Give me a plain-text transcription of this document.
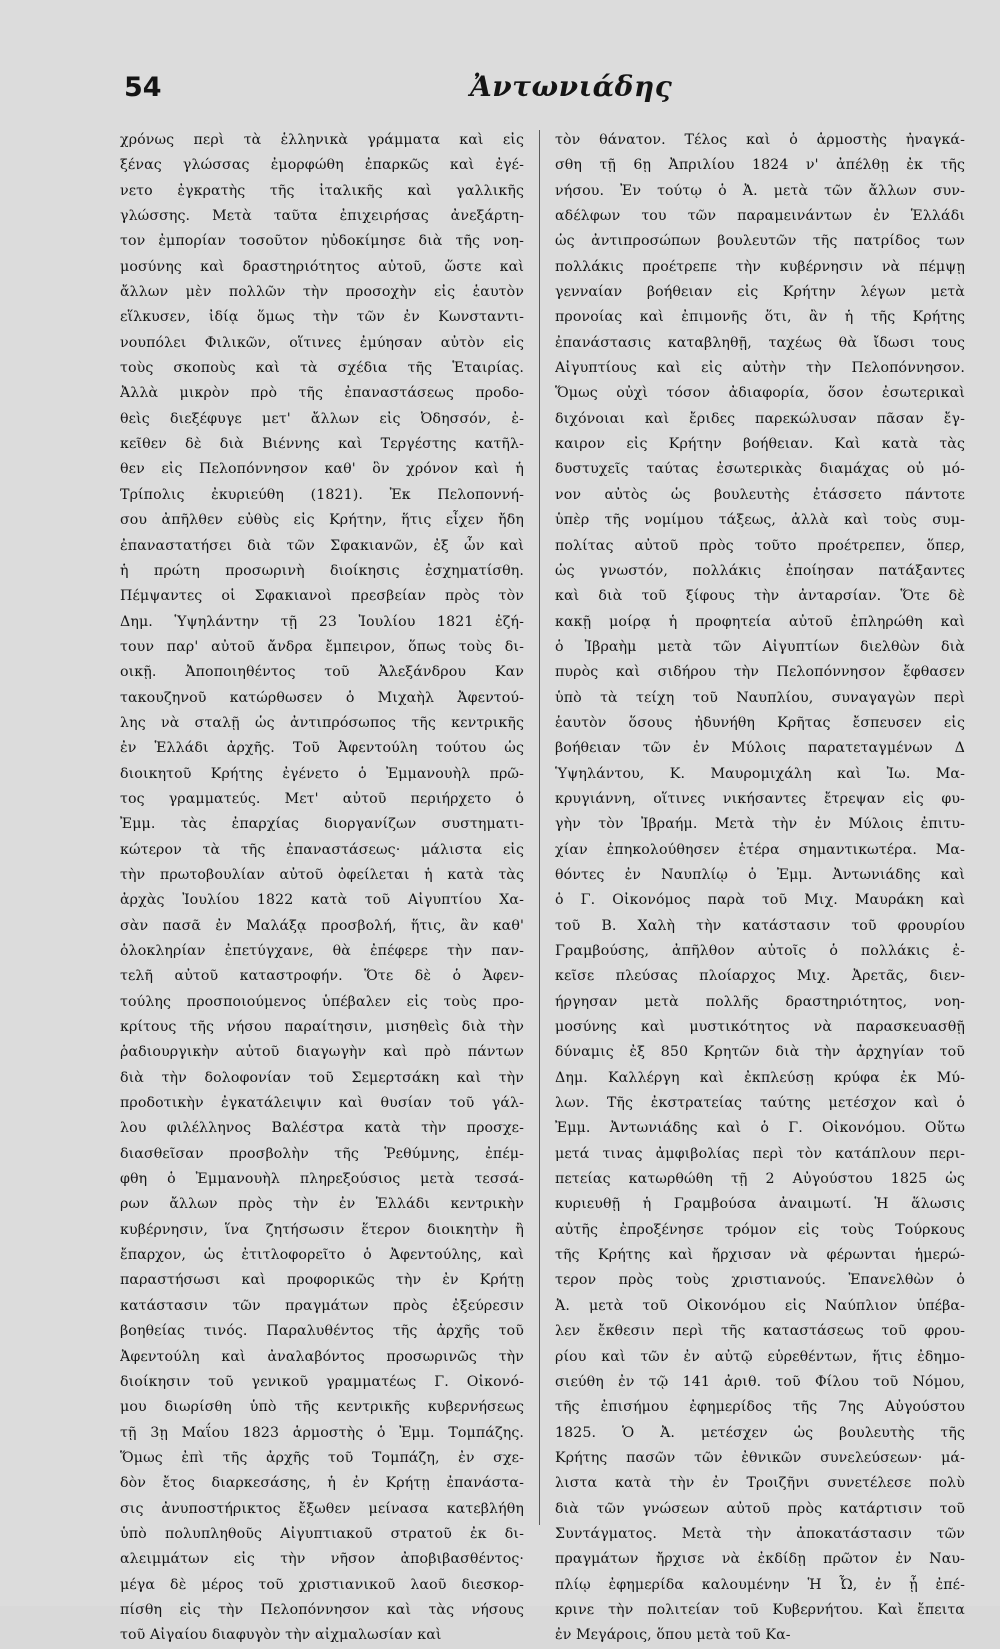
54	Ἀντωνιάδης
χρόνως περὶ τὰ ἑλληνικὰ γράμματα καὶ εἰς
ξένας γλώσσας ἐμορφώθη ἐπαρκῶς καὶ ἐγέ-
νετο ἐγκρατὴς τῆς ἰταλικῆς καὶ γαλλικῆς
γλώσσης. Μετὰ ταῦτα ἐπιχειρήσας ἀνεξάρτη-
τον ἐμπορίαν τοσοῦτον ηὐδοκίμησε διὰ τῆς νοη-
μοσύνης καὶ δραστηριότητος αὐτοῦ, ὥστε καὶ
ἄλλων μὲν πολλῶν τὴν προσοχὴν εἰς ἑαυτὸν
εἵλκυσεν, ἰδίᾳ ὅμως τὴν τῶν ἐν Κωνσταντι-
νουπόλει Φιλικῶν, οἵτινες ἐμύησαν αὐτὸν εἰς
τοὺς σκοποὺς καὶ τὰ σχέδια τῆς Ἑταιρίας.
Ἀλλὰ μικρὸν πρὸ τῆς ἐπαναστάσεως προδο-
θεὶς διεξέφυγε μετ' ἄλλων εἰς Ὀδησσόν, ἐ-
κεῖθεν δὲ διὰ Βιέννης καὶ Τεργέστης κατῆλ-
θεν εἰς Πελοπόννησον καθ' ὃν χρόνον καὶ ἡ
Τρίπολις ἐκυριεύθη (1821). Ἐκ Πελοποννή-
σου ἀπῆλθεν εὐθὺς εἰς Κρήτην, ἥτις εἶχεν ἤδη
ἐπαναστατήσει διὰ τῶν Σφακιανῶν, ἐξ ὧν καὶ
ἡ πρώτη προσωρινὴ διοίκησις ἐσχηματίσθη.
Πέμψαντες οἱ Σφακιανοὶ πρεσβείαν πρὸς τὸν
Δημ. Ὑψηλάντην τῇ 23 Ἰουλίου 1821 ἐζή-
τουν παρ' αὐτοῦ ἄνδρα ἔμπειρον, ὅπως τοὺς δι-
οικῇ. Ἀποποιηθέντος τοῦ Ἀλεξάνδρου Καν
τακουζηνοῦ κατώρθωσεν ὁ Μιχαὴλ Ἀφεντού-
λης νὰ σταλῇ ὡς ἀντιπρόσωπος τῆς κεντρικῆς
ἐν Ἑλλάδι ἀρχῆς. Τοῦ Ἀφεντούλη τούτου ὡς
διοικητοῦ Κρήτης ἐγένετο ὁ Ἐμμανουὴλ πρῶ-
τος γραμματεύς. Μετ' αὐτοῦ περιήρχετο ὁ
Ἐμμ. τὰς ἐπαρχίας διοργανίζων συστηματι-
κώτερον τὰ τῆς ἐπαναστάσεως· μάλιστα εἰς
τὴν πρωτοβουλίαν αὐτοῦ ὀφείλεται ἡ κατὰ τὰς
ἀρχὰς Ἰουλίου 1822 κατὰ τοῦ Αἰγυπτίου Χα-
σὰν πασᾶ ἐν Μαλάξᾳ προσβολή, ἥτις, ἂν καθ'
ὁλοκληρίαν ἐπετύγχανε, θὰ ἐπέφερε τὴν παν-
τελῆ αὐτοῦ καταστροφήν. Ὅτε δὲ ὁ Ἀφεν-
τούλης προσποιούμενος ὑπέβαλεν εἰς τοὺς προ-
κρίτους τῆς νήσου παραίτησιν, μισηθεὶς διὰ τὴν
ῥαδιουργικὴν αὐτοῦ διαγωγὴν καὶ πρὸ πάντων
διὰ τὴν δολοφονίαν τοῦ Σεμερτσάκη καὶ τὴν
προδοτικὴν ἐγκατάλειψιν καὶ θυσίαν τοῦ γάλ-
λου φιλέλληνος Βαλέστρα κατὰ τὴν προσχε-
διασθεῖσαν προσβολὴν τῆς Ῥεθύμνης, ἐπέμ-
φθη ὁ Ἐμμανουὴλ πληρεξούσιος μετὰ τεσσά-
ρων ἄλλων πρὸς τὴν ἐν Ἑλλάδι κεντρικὴν
κυβέρνησιν, ἵνα ζητήσωσιν ἕτερον διοικητὴν ἢ
ἔπαρχον, ὡς ἐτιτλοφορεῖτο ὁ Ἀφεντούλης, καὶ
παραστήσωσι καὶ προφορικῶς τὴν ἐν Κρήτῃ
κατάστασιν τῶν πραγμάτων πρὸς ἐξεύρεσιν
βοηθείας τινός. Παραλυθέντος τῆς ἀρχῆς τοῦ
Ἀφεντούλη καὶ ἀναλαβόντος προσωρινῶς τὴν
διοίκησιν τοῦ γενικοῦ γραμματέως Γ. Οἰκονό-
μου διωρίσθη ὑπὸ τῆς κεντρικῆς κυβερνήσεως
τῇ 3ῃ Μαΐου 1823 ἁρμοστὴς ὁ Ἐμμ. Τομπάζης.
Ὅμως ἐπὶ τῆς ἀρχῆς τοῦ Τομπάζη, ἐν σχε-
δὸν ἔτος διαρκεσάσης, ἡ ἐν Κρήτῃ ἐπανάστα-
σις ἀνυποστήρικτος ἔξωθεν μείνασα κατεβλήθη
ὑπὸ πολυπληθοῦς Αἰγυπτιακοῦ στρατοῦ ἐκ δι-
αλειμμάτων εἰς τὴν νῆσον ἀποβιβασθέντος·
μέγα δὲ μέρος τοῦ χριστιανικοῦ λαοῦ διεσκορ-
πίσθη εἰς τὴν Πελοπόννησον καὶ τὰς νήσους
τοῦ Αἰγαίου διαφυγὸν τὴν αἰχμαλωσίαν καὶ
τὸν θάνατον. Τέλος καὶ ὁ ἁρμοστὴς ἠναγκά-
σθη τῇ 6ῃ Ἀπριλίου 1824 ν' ἀπέλθῃ ἐκ τῆς
νήσου. Ἐν τούτῳ ὁ Ἀ. μετὰ τῶν ἄλλων συν-
αδέλφων του τῶν παραμεινάντων ἐν Ἑλλάδι
ὡς ἀντιπροσώπων βουλευτῶν τῆς πατρίδος των
πολλάκις προέτρεπε τὴν κυβέρνησιν νὰ πέμψῃ
γενναίαν βοήθειαν εἰς Κρήτην λέγων μετὰ
προνοίας καὶ ἐπιμονῆς ὅτι, ἂν ἡ τῆς Κρήτης
ἐπανάστασις καταβληθῇ, ταχέως θὰ ἴδωσι τους
Αἰγυπτίους καὶ εἰς αὐτὴν τὴν Πελοπόννησον.
Ὅμως οὐχὶ τόσον ἀδιαφορία, ὅσον ἐσωτερικαὶ
διχόνοιαι καὶ ἔριδες παρεκώλυσαν πᾶσαν ἔγ-
καιρον εἰς Κρήτην βοήθειαν. Καὶ κατὰ τὰς
δυστυχεῖς ταύτας ἐσωτερικὰς διαμάχας οὐ μό-
νον αὐτὸς ὡς βουλευτὴς ἐτάσσετο πάντοτε
ὑπὲρ τῆς νομίμου τάξεως, ἀλλὰ καὶ τοὺς συμ-
πολίτας αὐτοῦ πρὸς τοῦτο προέτρεπεν, ὅπερ,
ὡς γνωστόν, πολλάκις ἐποίησαν πατάξαντες
καὶ διὰ τοῦ ξίφους τὴν ἀνταρσίαν. Ὅτε δὲ
κακῇ μοίρᾳ ἡ προφητεία αὐτοῦ ἐπληρώθη καὶ
ὁ Ἰβραὴμ μετὰ τῶν Αἰγυπτίων διελθὼν διὰ
πυρὸς καὶ σιδήρου τὴν Πελοπόννησον ἔφθασεν
ὑπὸ τὰ τείχη τοῦ Ναυπλίου, συναγαγὼν περὶ
ἑαυτὸν ὅσους ἠδυνήθη Κρῆτας ἔσπευσεν εἰς
βοήθειαν τῶν ἐν Μύλοις παρατεταγμένων Δ
Ὑψηλάντου, Κ. Μαυρομιχάλη καὶ Ἰω. Μα-
κρυγιάννη, οἵτινες νικήσαντες ἔτρεψαν εἰς φυ-
γὴν τὸν Ἰβραήμ. Μετὰ τὴν ἐν Μύλοις ἐπιτυ-
χίαν ἐπηκολούθησεν ἑτέρα σημαντικωτέρα. Μα-
θόντες ἐν Ναυπλίῳ ὁ Ἐμμ. Ἀντωνιάδης καὶ
ὁ Γ. Οἰκονόμος παρὰ τοῦ Μιχ. Μαυράκη καὶ
τοῦ Β. Χαλὴ τὴν κατάστασιν τοῦ φρουρίου
Γραμβούσης, ἀπῆλθον αὐτοῖς ὁ πολλάκις ἐ-
κεῖσε πλεύσας πλοίαρχος Μιχ. Ἀρετᾶς, διεν-
ήργησαν μετὰ πολλῆς δραστηριότητος, νοη-
μοσύνης καὶ μυστικότητος νὰ παρασκευασθῇ
δύναμις ἐξ 850 Κρητῶν διὰ τὴν ἀρχηγίαν τοῦ
Δημ. Καλλέργη καὶ ἐκπλεύσῃ κρύφα ἐκ Μύ-
λων. Τῆς ἐκστρατείας ταύτης μετέσχον καὶ ὁ
Ἐμμ. Ἀντωνιάδης καὶ ὁ Γ. Οἰκονόμου. Οὕτω
μετά τινας ἀμφιβολίας περὶ τὸν κατάπλουν περι-
πετείας κατωρθώθη τῇ 2 Αὐγούστου 1825 ὡς
κυριευθῇ ἡ Γραμβούσα ἀναιμωτί. Ἡ ἅλωσις
αὐτῆς ἐπροξένησε τρόμον εἰς τοὺς Τούρκους
τῆς Κρήτης καὶ ἤρχισαν νὰ φέρωνται ἡμερώ-
τερον πρὸς τοὺς χριστιανούς. Ἐπανελθὼν ὁ
Ἀ. μετὰ τοῦ Οἰκονόμου εἰς Ναύπλιον ὑπέβα-
λεν ἔκθεσιν περὶ τῆς καταστάσεως τοῦ φρου-
ρίου καὶ τῶν ἐν αὐτῷ εὑρεθέντων, ἥτις ἐδημο-
σιεύθη ἐν τῷ 141 ἀριθ. τοῦ Φίλου τοῦ Νόμου,
τῆς ἐπισήμου ἐφημερίδος τῆς 7ης Αὐγούστου
1825. Ὁ Ἀ. μετέσχεν ὡς βουλευτὴς τῆς
Κρήτης πασῶν τῶν ἐθνικῶν συνελεύσεων· μά-
λιστα κατὰ τὴν ἐν Τροιζῆνι συνετέλεσε πολὺ
διὰ τῶν γνώσεων αὐτοῦ πρὸς κατάρτισιν τοῦ
Συντάγματος. Μετὰ τὴν ἀποκατάστασιν τῶν
πραγμάτων ἤρχισε νὰ ἐκδίδῃ πρῶτον ἐν Ναυ-
πλίῳ ἐφημερίδα καλουμένην Ἡ Ὦ, ἐν ᾗ ἐπέ-
κρινε τὴν πολιτείαν τοῦ Κυβερνήτου. Καὶ ἔπειτα
ἐν Μεγάροις, ὅπου μετὰ τοῦ Κα-
